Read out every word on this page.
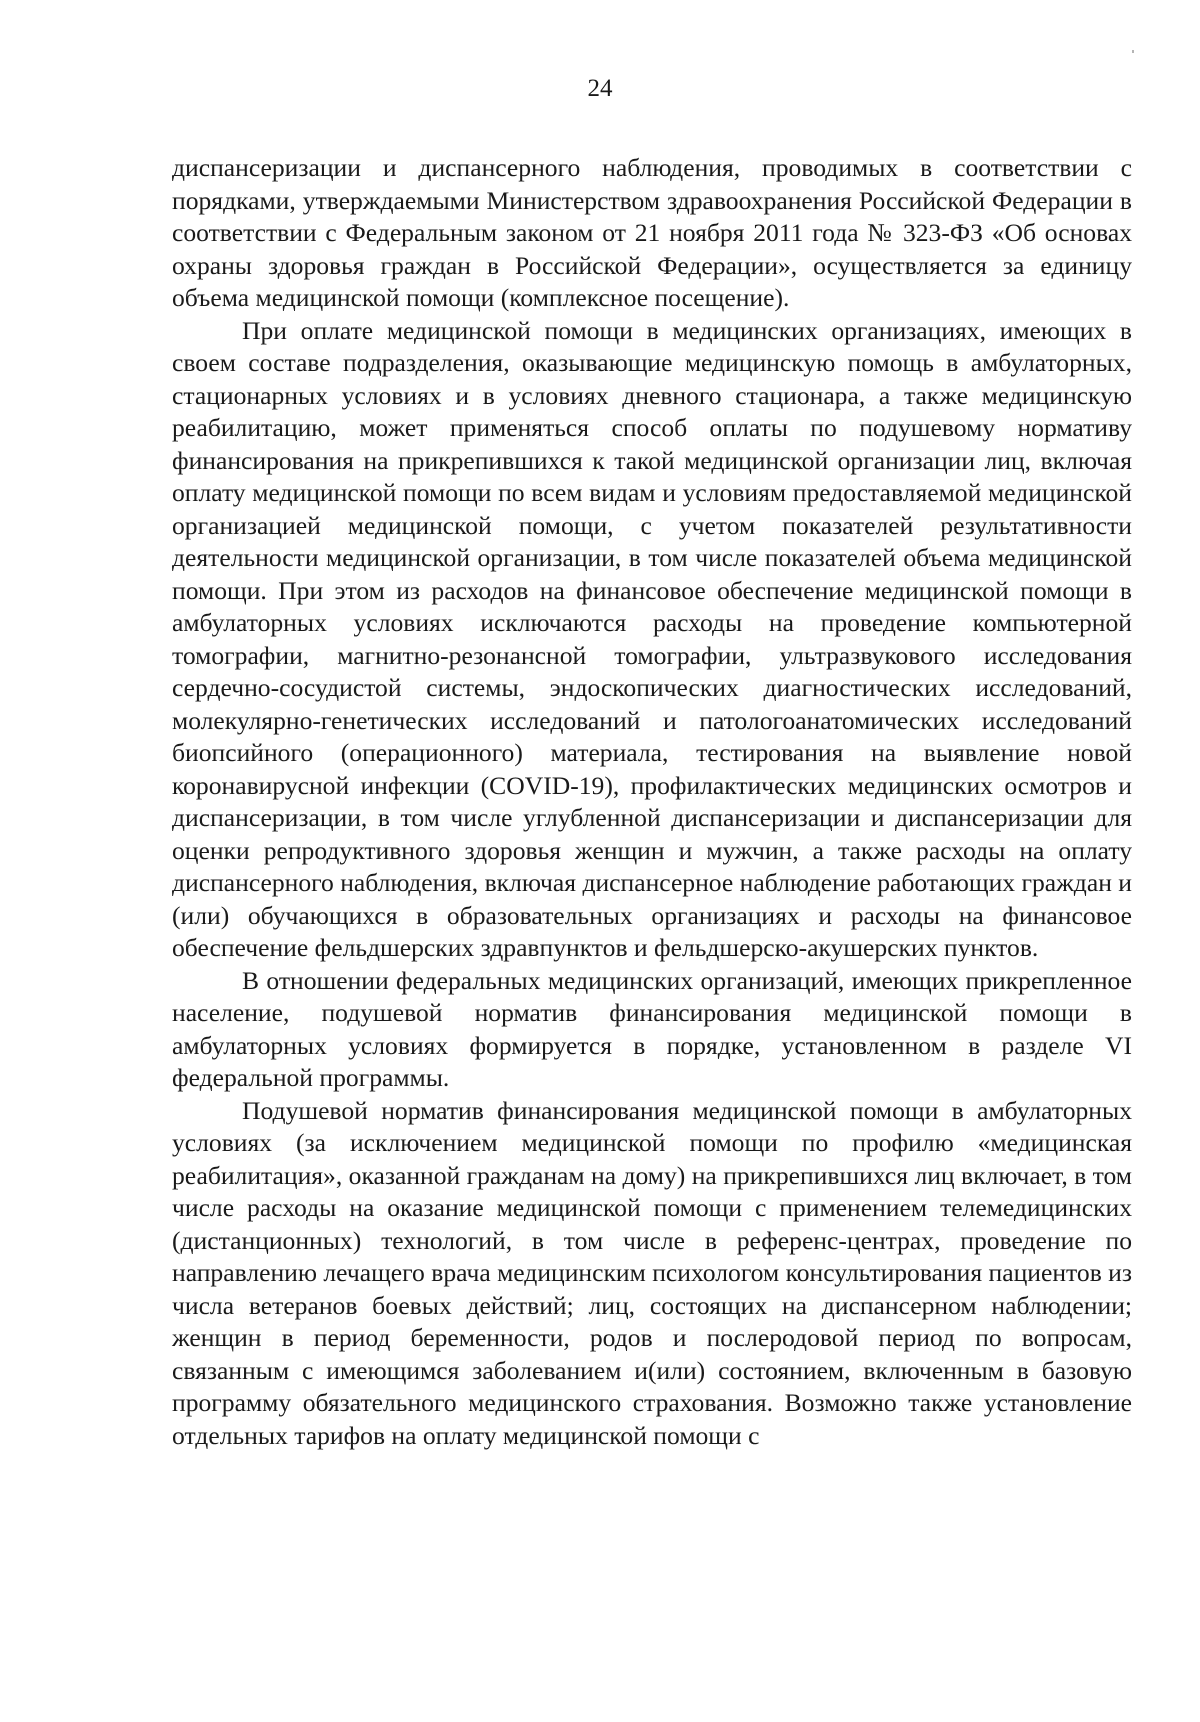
24

диспансеризации и диспансерного наблюдения, проводимых в соответствии с порядками, утверждаемыми Министерством здравоохранения Российской Федерации в соответствии с Федеральным законом от 21 ноября 2011 года № 323-ФЗ «Об основах охраны здоровья граждан в Российской Федерации», осуществляется за единицу объема медицинской помощи (комплексное посещение).

При оплате медицинской помощи в медицинских организациях, имеющих в своем составе подразделения, оказывающие медицинскую помощь в амбулаторных, стационарных условиях и в условиях дневного стационара, а также медицинскую реабилитацию, может применяться способ оплаты по подушевому нормативу финансирования на прикрепившихся к такой медицинской организации лиц, включая оплату медицинской помощи по всем видам и условиям предоставляемой медицинской организацией медицинской помощи, с учетом показателей результативности деятельности медицинской организации, в том числе показателей объема медицинской помощи. При этом из расходов на финансовое обеспечение медицинской помощи в амбулаторных условиях исключаются расходы на проведение компьютерной томографии, магнитно-резонансной томографии, ультразвукового исследования сердечно-сосудистой системы, эндоскопических диагностических исследований, молекулярно-генетических исследований и патологоанатомических исследований биопсийного (операционного) материала, тестирования на выявление новой коронавирусной инфекции (COVID-19), профилактических медицинских осмотров и диспансеризации, в том числе углубленной диспансеризации и диспансеризации для оценки репродуктивного здоровья женщин и мужчин, а также расходы на оплату диспансерного наблюдения, включая диспансерное наблюдение работающих граждан и (или) обучающихся в образовательных организациях и расходы на финансовое обеспечение фельдшерских здравпунктов и фельдшерско-акушерских пунктов.

В отношении федеральных медицинских организаций, имеющих прикрепленное население, подушевой норматив финансирования медицинской помощи в амбулаторных условиях формируется в порядке, установленном в разделе VI федеральной программы.

Подушевой норматив финансирования медицинской помощи в амбулаторных условиях (за исключением медицинской помощи по профилю «медицинская реабилитация», оказанной гражданам на дому) на прикрепившихся лиц включает, в том числе расходы на оказание медицинской помощи с применением телемедицинских (дистанционных) технологий, в том числе в референс-центрах, проведение по направлению лечащего врача медицинским психологом консультирования пациентов из числа ветеранов боевых действий; лиц, состоящих на диспансерном наблюдении; женщин в период беременности, родов и послеродовой период по вопросам, связанным с имеющимся заболеванием и(или) состоянием, включенным в базовую программу обязательного медицинского страхования. Возможно также установление отдельных тарифов на оплату медицинской помощи с
